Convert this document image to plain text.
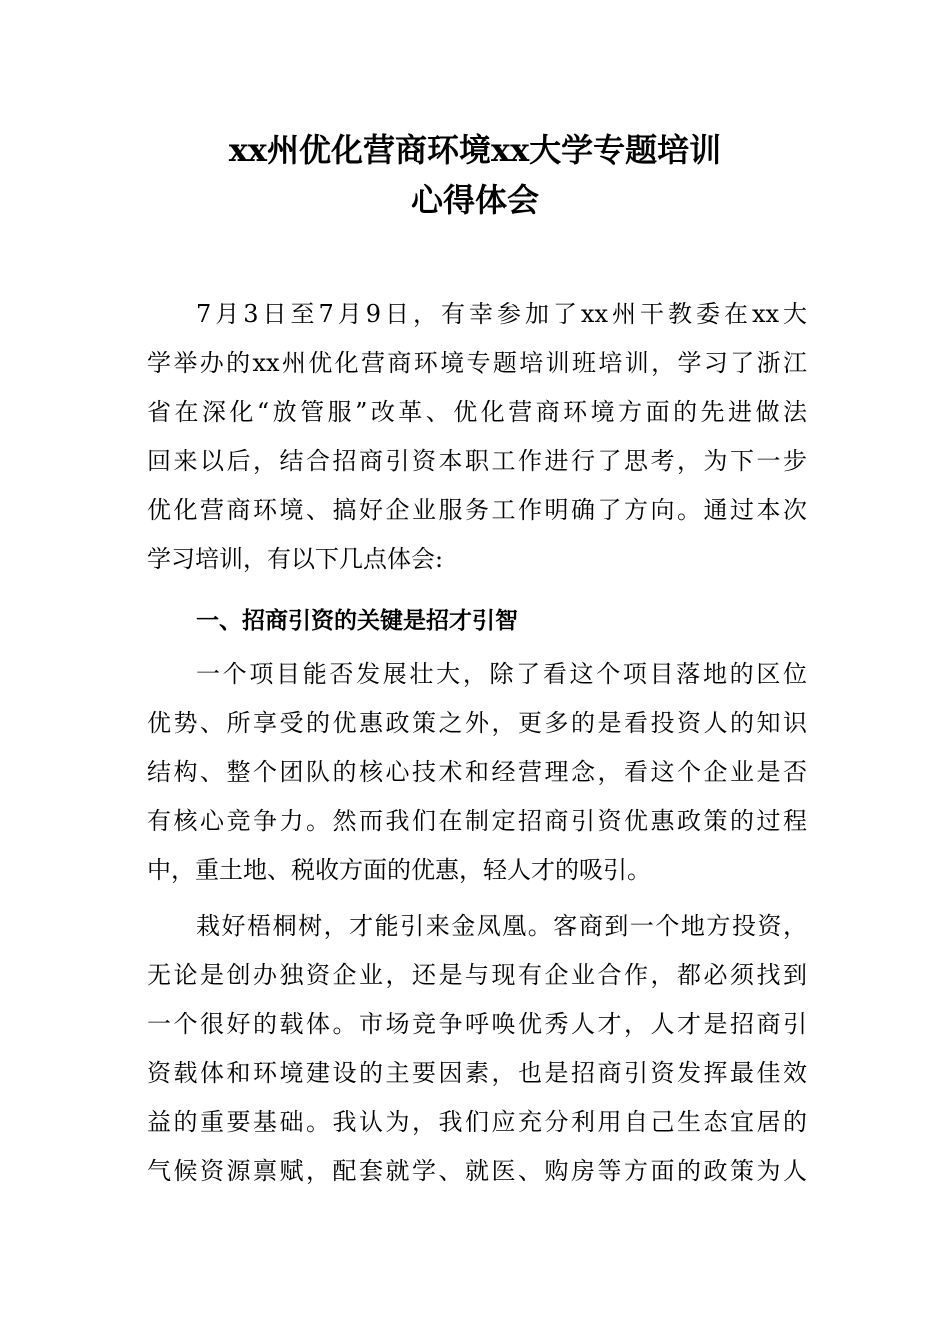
xx州优化营商环境xx大学专题培训
心得体会

7月3日至7月9日，有幸参加了xx州干教委在xx大

学举办的xx州优化营商环境专题培训班培训，学习了浙江

省在深化“放管服”改革、优化营商环境方面的先进做法

回来以后，结合招商引资本职工作进行了思考，为下一步

优化营商环境、搞好企业服务工作明确了方向。通过本次

学习培训，有以下几点体会:

一、招商引资的关键是招才引智

一个项目能否发展壮大，除了看这个项目落地的区位

优势、所享受的优惠政策之外，更多的是看投资人的知识

结构、整个团队的核心技术和经营理念，看这个企业是否

有核心竞争力。然而我们在制定招商引资优惠政策的过程

中，重土地、税收方面的优惠，轻人才的吸引。

栽好梧桐树，才能引来金凤凰。客商到一个地方投资，

无论是创办独资企业，还是与现有企业合作，都必须找到

一个很好的载体。市场竞争呼唤优秀人才，人才是招商引

资载体和环境建设的主要因素，也是招商引资发挥最佳效

益的重要基础。我认为，我们应充分利用自己生态宜居的

气候资源禀赋，配套就学、就医、购房等方面的政策为人
